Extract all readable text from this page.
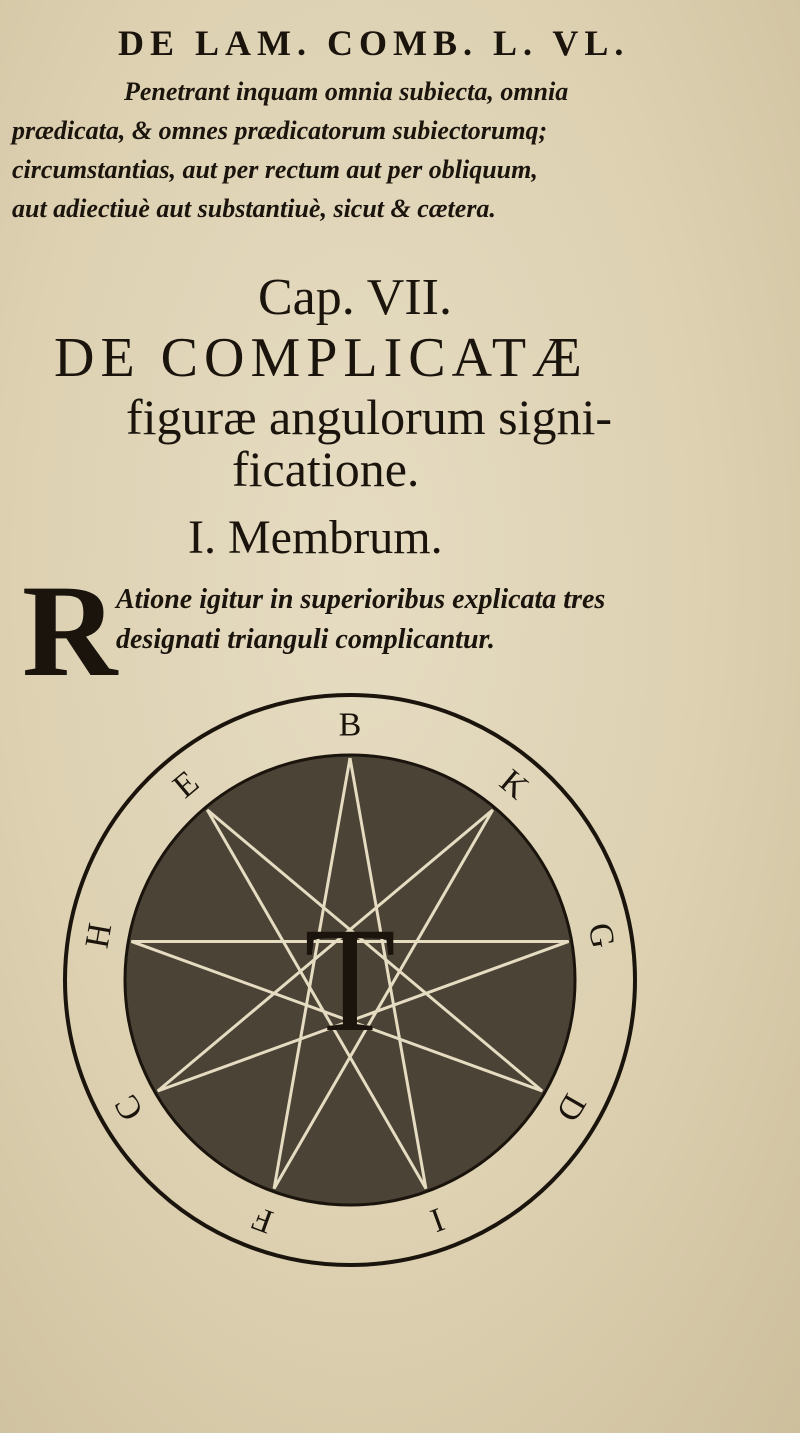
DE LAM. COMB. L. VL.
Penetrant inquam omnia subiecta, omnia
prædicata, & omnes prædicatorum subiectorumq;
circumstantias, aut per rectum aut per obliquum,
aut adiectiuè aut substantiuè, sicut & cætera.
Cap. VII.
DE COMPLICATÆ
figuræ angulorum signi-
ficatione.
I. Membrum.
R
Atione igitur in superioribus explicata tres
designati trianguli complicantur.
B
K
G
D
I
F
C
H
E
T
